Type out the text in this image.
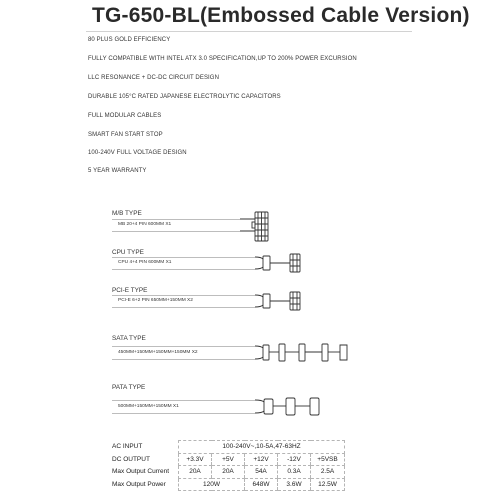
TG-650-BL(Embossed Cable Version)
80 PLUS GOLD EFFICIENCY
FULLY COMPATIBLE WITH INTEL ATX 3.0 SPECIFICATION,UP TO 200% POWER EXCURSION
LLC RESONANCE + DC-DC CIRCUIT DESIGN
DURABLE 105°C RATED JAPANESE ELECTROLYTIC CAPACITORS
FULL MODULAR CABLES
SMART FAN START STOP
100-240V FULL VOLTAGE DESIGN
5 YEAR WARRANTY
M/B TYPE
MB 20+4 PIN 600MM X1
CPU TYPE
CPU 4+4 PIN 600MM X1
PCI-E TYPE
PCI-E 6+2 PIN 650MM+150MM X2
SATA TYPE
450MM+150MM+150MM+150MM X2
PATA TYPE
500MM+150MM+150MM X1
AC INPUT	100-240V~,10-5A,47-63HZ				
DC OUTPUT	+3.3V	+5V	+12V	-12V	+5VSB
Max Output Current	20A	20A	54A	0.3A	2.5A
Max Output Power	120W		648W	3.6W	12.5W
